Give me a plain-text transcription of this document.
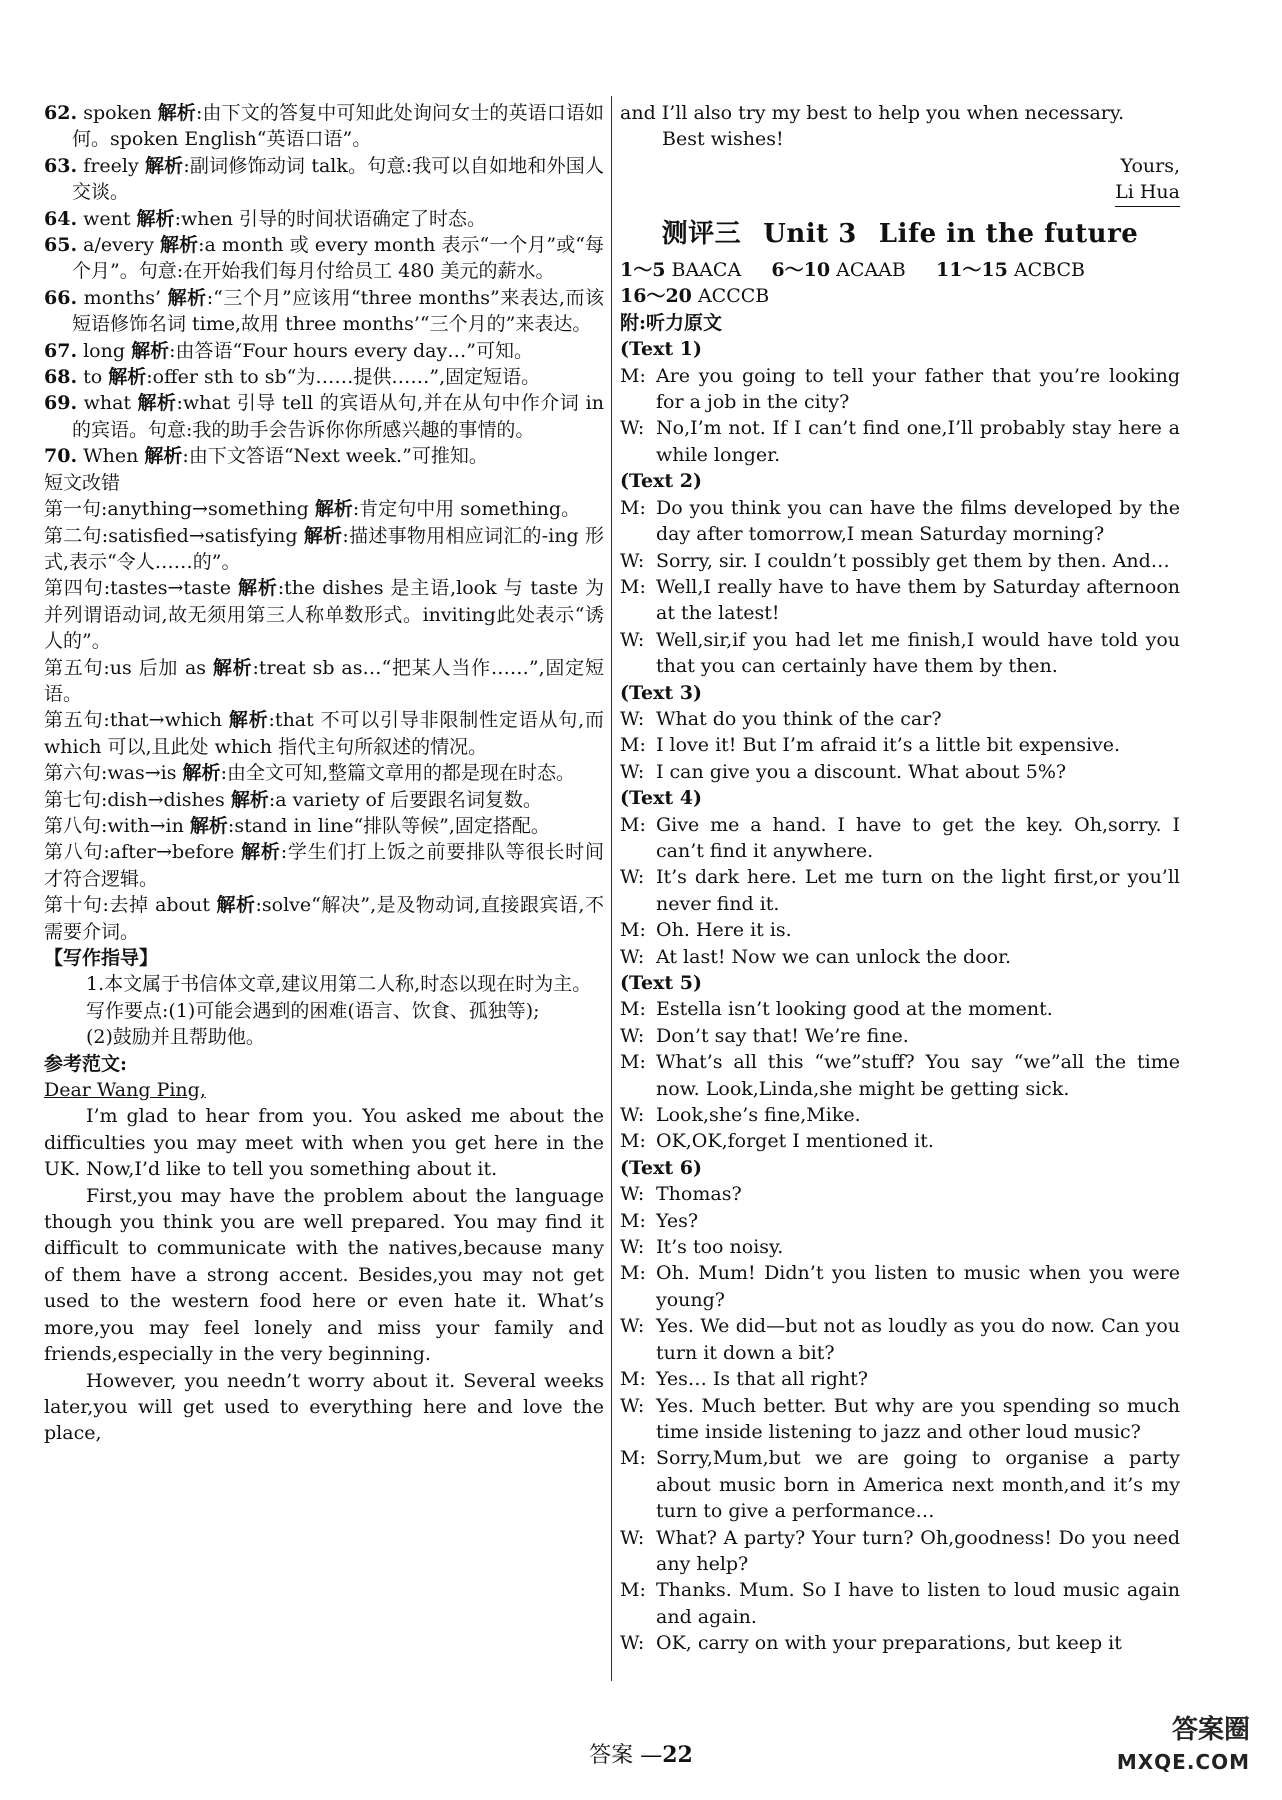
62. spoken 解析:由下文的答复中可知此处询问女士的英语口语如何。spoken English“英语口语”。

63. freely 解析:副词修饰动词 talk。句意:我可以自如地和外国人交谈。

64. went 解析:when 引导的时间状语确定了时态。

65. a/every 解析:a month 或 every month 表示“一个月”或“每个月”。句意:在开始我们每月付给员工 480 美元的薪水。

66. months’ 解析:“三个月”应该用“three months”来表达,而该短语修饰名词 time,故用 three months’“三个月的”来表达。

67. long 解析:由答语“Four hours every day…”可知。

68. to 解析:offer sth to sb“为……提供……”,固定短语。

69. what 解析:what 引导 tell 的宾语从句,并在从句中作介词 in 的宾语。句意:我的助手会告诉你你所感兴趣的事情的。

70. When 解析:由下文答语“Next week.”可推知。

短文改错

第一句:anything→something 解析:肯定句中用 something。

第二句:satisfied→satisfying 解析:描述事物用相应词汇的-ing 形式,表示“令人……的”。

第四句:tastes→taste 解析:the dishes 是主语,look 与 taste 为并列谓语动词,故无须用第三人称单数形式。inviting此处表示“诱人的”。

第五句:us 后加 as 解析:treat sb as…“把某人当作……”,固定短语。

第五句:that→which 解析:that 不可以引导非限制性定语从句,而 which 可以,且此处 which 指代主句所叙述的情况。

第六句:was→is 解析:由全文可知,整篇文章用的都是现在时态。

第七句:dish→dishes 解析:a variety of 后要跟名词复数。

第八句:with→in 解析:stand in line“排队等候”,固定搭配。

第八句:after→before 解析:学生们打上饭之前要排队等很长时间才符合逻辑。

第十句:去掉 about 解析:solve“解决”,是及物动词,直接跟宾语,不需要介词。

【写作指导】

1.本文属于书信体文章,建议用第二人称,时态以现在时为主。

写作要点:(1)可能会遇到的困难(语言、饮食、孤独等);

(2)鼓励并且帮助他。

参考范文:

Dear Wang Ping,

I’m glad to hear from you. You asked me about the difficulties you may meet with when you get here in the UK. Now,I’d like to tell you something about it.

First,you may have the problem about the language though you think you are well prepared. You may find it difficult to communicate with the natives,because many of them have a strong accent. Besides,you may not get used to the western food here or even hate it. What’s more,you may feel lonely and miss your family and friends,especially in the very beginning.

However, you needn’t worry about it. Several weeks later,you will get used to everything here and love the place,

and I’ll also try my best to help you when necessary.

Best wishes!

Yours,

Li Hua

测评三 Unit 3 Life in the future

1～5 BAACA 6～10 ACAAB 11～15 ACBCB

16～20 ACCCB

附:听力原文

(Text 1)

M: Are you going to tell your father that you’re looking for a job in the city?

W: No,I’m not. If I can’t find one,I’ll probably stay here a while longer.

(Text 2)

M: Do you think you can have the films developed by the day after tomorrow,I mean Saturday morning?

W: Sorry, sir. I couldn’t possibly get them by then. And…

M: Well,I really have to have them by Saturday afternoon at the latest!

W: Well,sir,if you had let me finish,I would have told you that you can certainly have them by then.

(Text 3)

W: What do you think of the car?

M: I love it! But I’m afraid it’s a little bit expensive.

W: I can give you a discount. What about 5%?

(Text 4)

M: Give me a hand. I have to get the key. Oh,sorry. I can’t find it anywhere.

W: It’s dark here. Let me turn on the light first,or you’ll never find it.

M: Oh. Here it is.

W: At last! Now we can unlock the door.

(Text 5)

M: Estella isn’t looking good at the moment.

W: Don’t say that! We’re fine.

M: What’s all this “we”stuff? You say “we”all the time now. Look,Linda,she might be getting sick.

W: Look,she’s fine,Mike.

M: OK,OK,forget I mentioned it.

(Text 6)

W: Thomas?

M: Yes?

W: It’s too noisy.

M: Oh. Mum! Didn’t you listen to music when you were young?

W: Yes. We did—but not as loudly as you do now. Can you turn it down a bit?

M: Yes… Is that all right?

W: Yes. Much better. But why are you spending so much time inside listening to jazz and other loud music?

M: Sorry,Mum,but we are going to organise a party about music born in America next month,and it’s my turn to give a performance…

W: What? A party? Your turn? Oh,goodness! Do you need any help?

M: Thanks. Mum. So I have to listen to loud music again and again.

W: OK, carry on with your preparations, but keep it

答案 —22
答案圈
MXQE.COM
